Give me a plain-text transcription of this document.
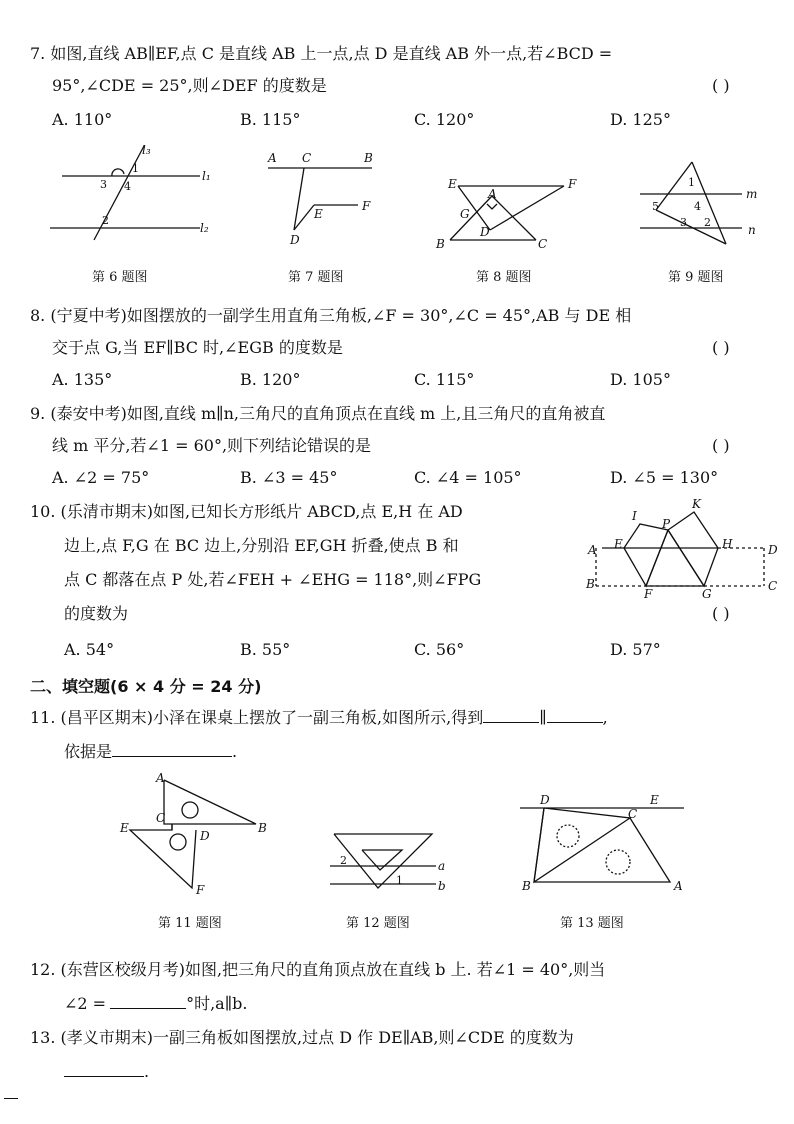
7. 如图,直线 AB∥EF,点 C 是直线 AB 上一点,点 D 是直线 AB 外一点,若∠BCD =
95°,∠CDE = 25°,则∠DEF 的度数是	( )
A. 110°	B. 115°	C. 120°	D. 125°
l₃
l₁
l₂
1
3 4
2
A C	B
E
F
D
E	F
A
G
D
B	C
1
4
5
3 2
m
n
第 6 题图	第 7 题图	第 8 题图	第 9 题图
8. (宁夏中考)如图摆放的一副学生用直角三角板,∠F = 30°,∠C = 45°,AB 与 DE 相
交于点 G,当 EF∥BC 时,∠EGB 的度数是	( )
A. 135°	B. 120°	C. 115°	D. 105°
9. (泰安中考)如图,直线 m∥n,三角尺的直角顶点在直线 m 上,且三角尺的直角被直
线 m 平分,若∠1 = 60°,则下列结论错误的是	( )
A. ∠2 = 75°	B. ∠3 = 45°	C. ∠4 = 105°	D. ∠5 = 130°
10. (乐清市期末)如图,已知长方形纸片 ABCD,点 E,H 在 AD
边上,点 F,G 在 BC 边上,分别沿 EF,GH 折叠,使点 B 和
点 C 都落在点 P 处,若∠FEH + ∠EHG = 118°,则∠FPG
的度数为	( )
A. 54°	B. 55°	C. 56°	D. 57°
I
K
P
A E	H	D
B
F	G
C
二、填空题(6 × 4 分 = 24 分)
11. (昌平区期末)小泽在课桌上摆放了一副三角板,如图所示,得到	∥	,
依据是	.
A
C
E
D
B
F
2
1
a
b
D	E
C
B	A
第 11 题图	第 12 题图	第 13 题图
12. (东营区校级月考)如图,把三角尺的直角顶点放在直线 b 上. 若∠1 = 40°,则当
∠2 =	°时,a∥b.
13. (孝义市期末)一副三角板如图摆放,过点 D 作 DE∥AB,则∠CDE 的度数为
.
